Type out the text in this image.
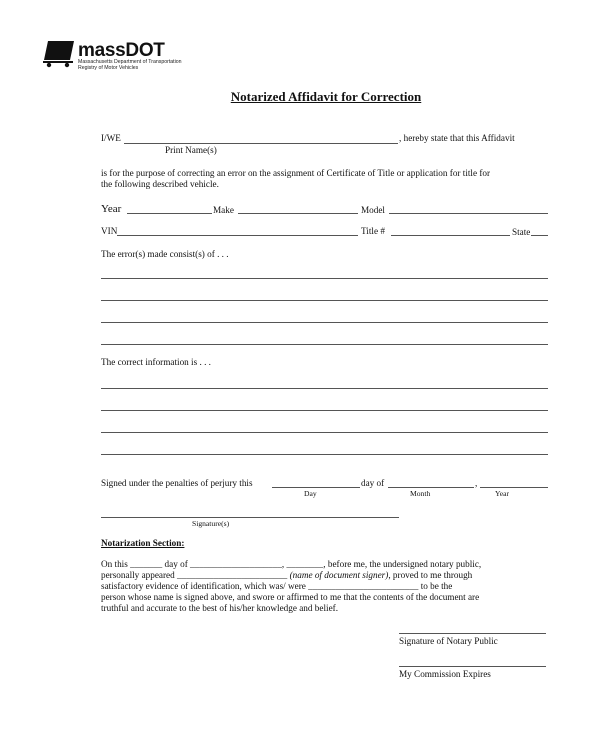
massDOT
Massachusetts Department of Transportation
Registry of Motor Vehicles
Notarized Affidavit for Correction
I/WE	, hereby state that this Affidavit
Print Name(s)
is for the purpose of correcting an error on the assignment of Certificate of Title or application for title for
the following described vehicle.
Year	Make	Model
VIN	Title #	State
The error(s) made consist(s) of . . .
The correct information is . . .
Signed under the penalties of perjury this	day of	,
Day	Month	Year
Signature(s)
Notarization Section:
On this _______ day of ____________________, ________, before me, the undersigned notary public,
personally appeared ________________________ (name of document signer), proved to me through
satisfactory evidence of identification, which was/ were ________________________ to be the
person whose name is signed above, and swore or affirmed to me that the contents of the document are
truthful and accurate to the best of his/her knowledge and belief.
Signature of Notary Public
My Commission Expires
